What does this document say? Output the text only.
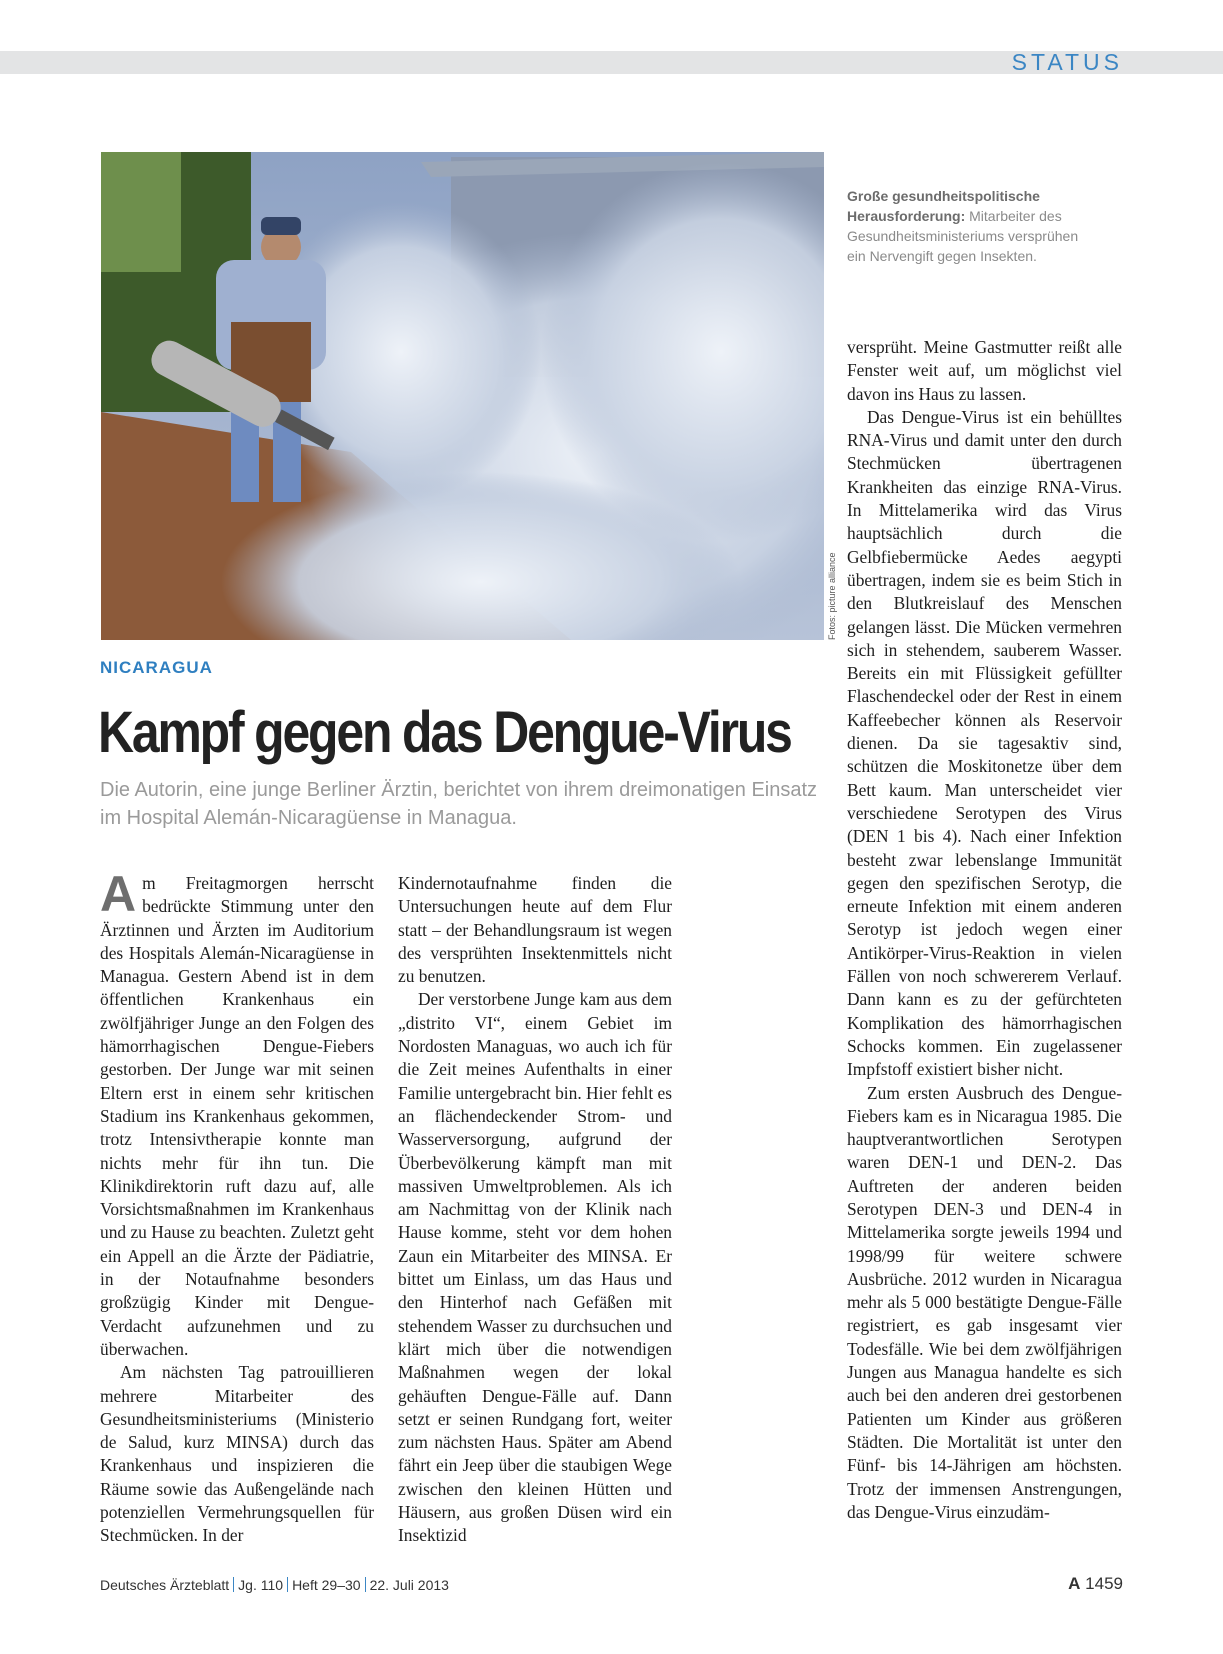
STATUS
Fotos: picture alliance
Große gesundheitspolitische Herausforderung: Mitarbeiter des Gesundheitsministeriums versprühen ein Nervengift gegen Insekten.
NICARAGUA
Kampf gegen das Dengue-Virus
Die Autorin, eine junge Berliner Ärztin, berichtet von ihrem dreimonatigen Einsatz im Hospital Alemán-Nicaragüense in Managua.

Am Freitagmorgen herrscht bedrückte Stimmung unter den Ärztinnen und Ärzten im Auditorium des Hospitals Alemán-Nicaragüense in Managua. Gestern Abend ist in dem öffentlichen Krankenhaus ein zwölfjähriger Junge an den Folgen des hämorrhagischen Dengue-Fiebers gestorben. Der Junge war mit seinen Eltern erst in einem sehr kritischen Stadium ins Krankenhaus gekommen, trotz Intensivtherapie konnte man nichts mehr für ihn tun. Die Klinikdirektorin ruft dazu auf, alle Vorsichtsmaßnahmen im Krankenhaus und zu Hause zu beachten. Zuletzt geht ein Appell an die Ärzte der Pädiatrie, in der Notaufnahme besonders großzügig Kinder mit Dengue-Verdacht aufzunehmen und zu überwachen.

Am nächsten Tag patrouillieren mehrere Mitarbeiter des Gesundheitsministeriums (Ministerio de Salud, kurz MINSA) durch das Krankenhaus und inspizieren die Räume sowie das Außengelände nach potenziellen Vermehrungsquellen für Stechmücken. In der

Kindernotaufnahme finden die Untersuchungen heute auf dem Flur statt – der Behandlungsraum ist wegen des versprühten Insektenmittels nicht zu benutzen.

Der verstorbene Junge kam aus dem „distrito VI“, einem Gebiet im Nordosten Managuas, wo auch ich für die Zeit meines Aufenthalts in einer Familie untergebracht bin. Hier fehlt es an flächendeckender Strom- und Wasserversorgung, aufgrund der Überbevölkerung kämpft man mit massiven Umweltproblemen. Als ich am Nachmittag von der Klinik nach Hause komme, steht vor dem hohen Zaun ein Mitarbeiter des MINSA. Er bittet um Einlass, um das Haus und den Hinterhof nach Gefäßen mit stehendem Wasser zu durchsuchen und klärt mich über die notwendigen Maßnahmen wegen der lokal gehäuften Dengue-Fälle auf. Dann setzt er seinen Rundgang fort, weiter zum nächsten Haus. Später am Abend fährt ein Jeep über die staubigen Wege zwischen den kleinen Hütten und Häusern, aus großen Düsen wird ein Insektizid

versprüht. Meine Gastmutter reißt alle Fenster weit auf, um möglichst viel davon ins Haus zu lassen.

Das Dengue-Virus ist ein behülltes RNA-Virus und damit unter den durch Stechmücken übertragenen Krankheiten das einzige RNA-Virus. In Mittelamerika wird das Virus hauptsächlich durch die Gelbfiebermücke Aedes aegypti übertragen, indem sie es beim Stich in den Blutkreislauf des Menschen gelangen lässt. Die Mücken vermehren sich in stehendem, sauberem Wasser. Bereits ein mit Flüssigkeit gefüllter Flaschendeckel oder der Rest in einem Kaffeebecher können als Reservoir dienen. Da sie tagesaktiv sind, schützen die Moskitonetze über dem Bett kaum. Man unterscheidet vier verschiedene Serotypen des Virus (DEN 1 bis 4). Nach einer Infektion besteht zwar lebenslange Immunität gegen den spezifischen Serotyp, die erneute Infektion mit einem anderen Serotyp ist jedoch wegen einer Antikörper-Virus-Reaktion in vielen Fällen von noch schwererem Verlauf. Dann kann es zu der gefürchteten Komplikation des hämorrhagischen Schocks kommen. Ein zugelassener Impfstoff existiert bisher nicht.

Zum ersten Ausbruch des Dengue-Fiebers kam es in Nicaragua 1985. Die hauptverantwortlichen Serotypen waren DEN-1 und DEN-2. Das Auftreten der anderen beiden Serotypen DEN-3 und DEN-4 in Mittelamerika sorgte jeweils 1994 und 1998/99 für weitere schwere Ausbrüche. 2012 wurden in Nicaragua mehr als 5 000 bestätigte Dengue-Fälle registriert, es gab insgesamt vier Todesfälle. Wie bei dem zwölfjährigen Jungen aus Managua handelte es sich auch bei den anderen drei gestorbenen Patienten um Kinder aus größeren Städten. Die Mortalität ist unter den Fünf- bis 14-Jährigen am höchsten. Trotz der immensen Anstrengungen, das Dengue-Virus einzudäm-

Deutsches Ärzteblatt Jg. 110 Heft 29–30 22. Juli 2013	A 1459
